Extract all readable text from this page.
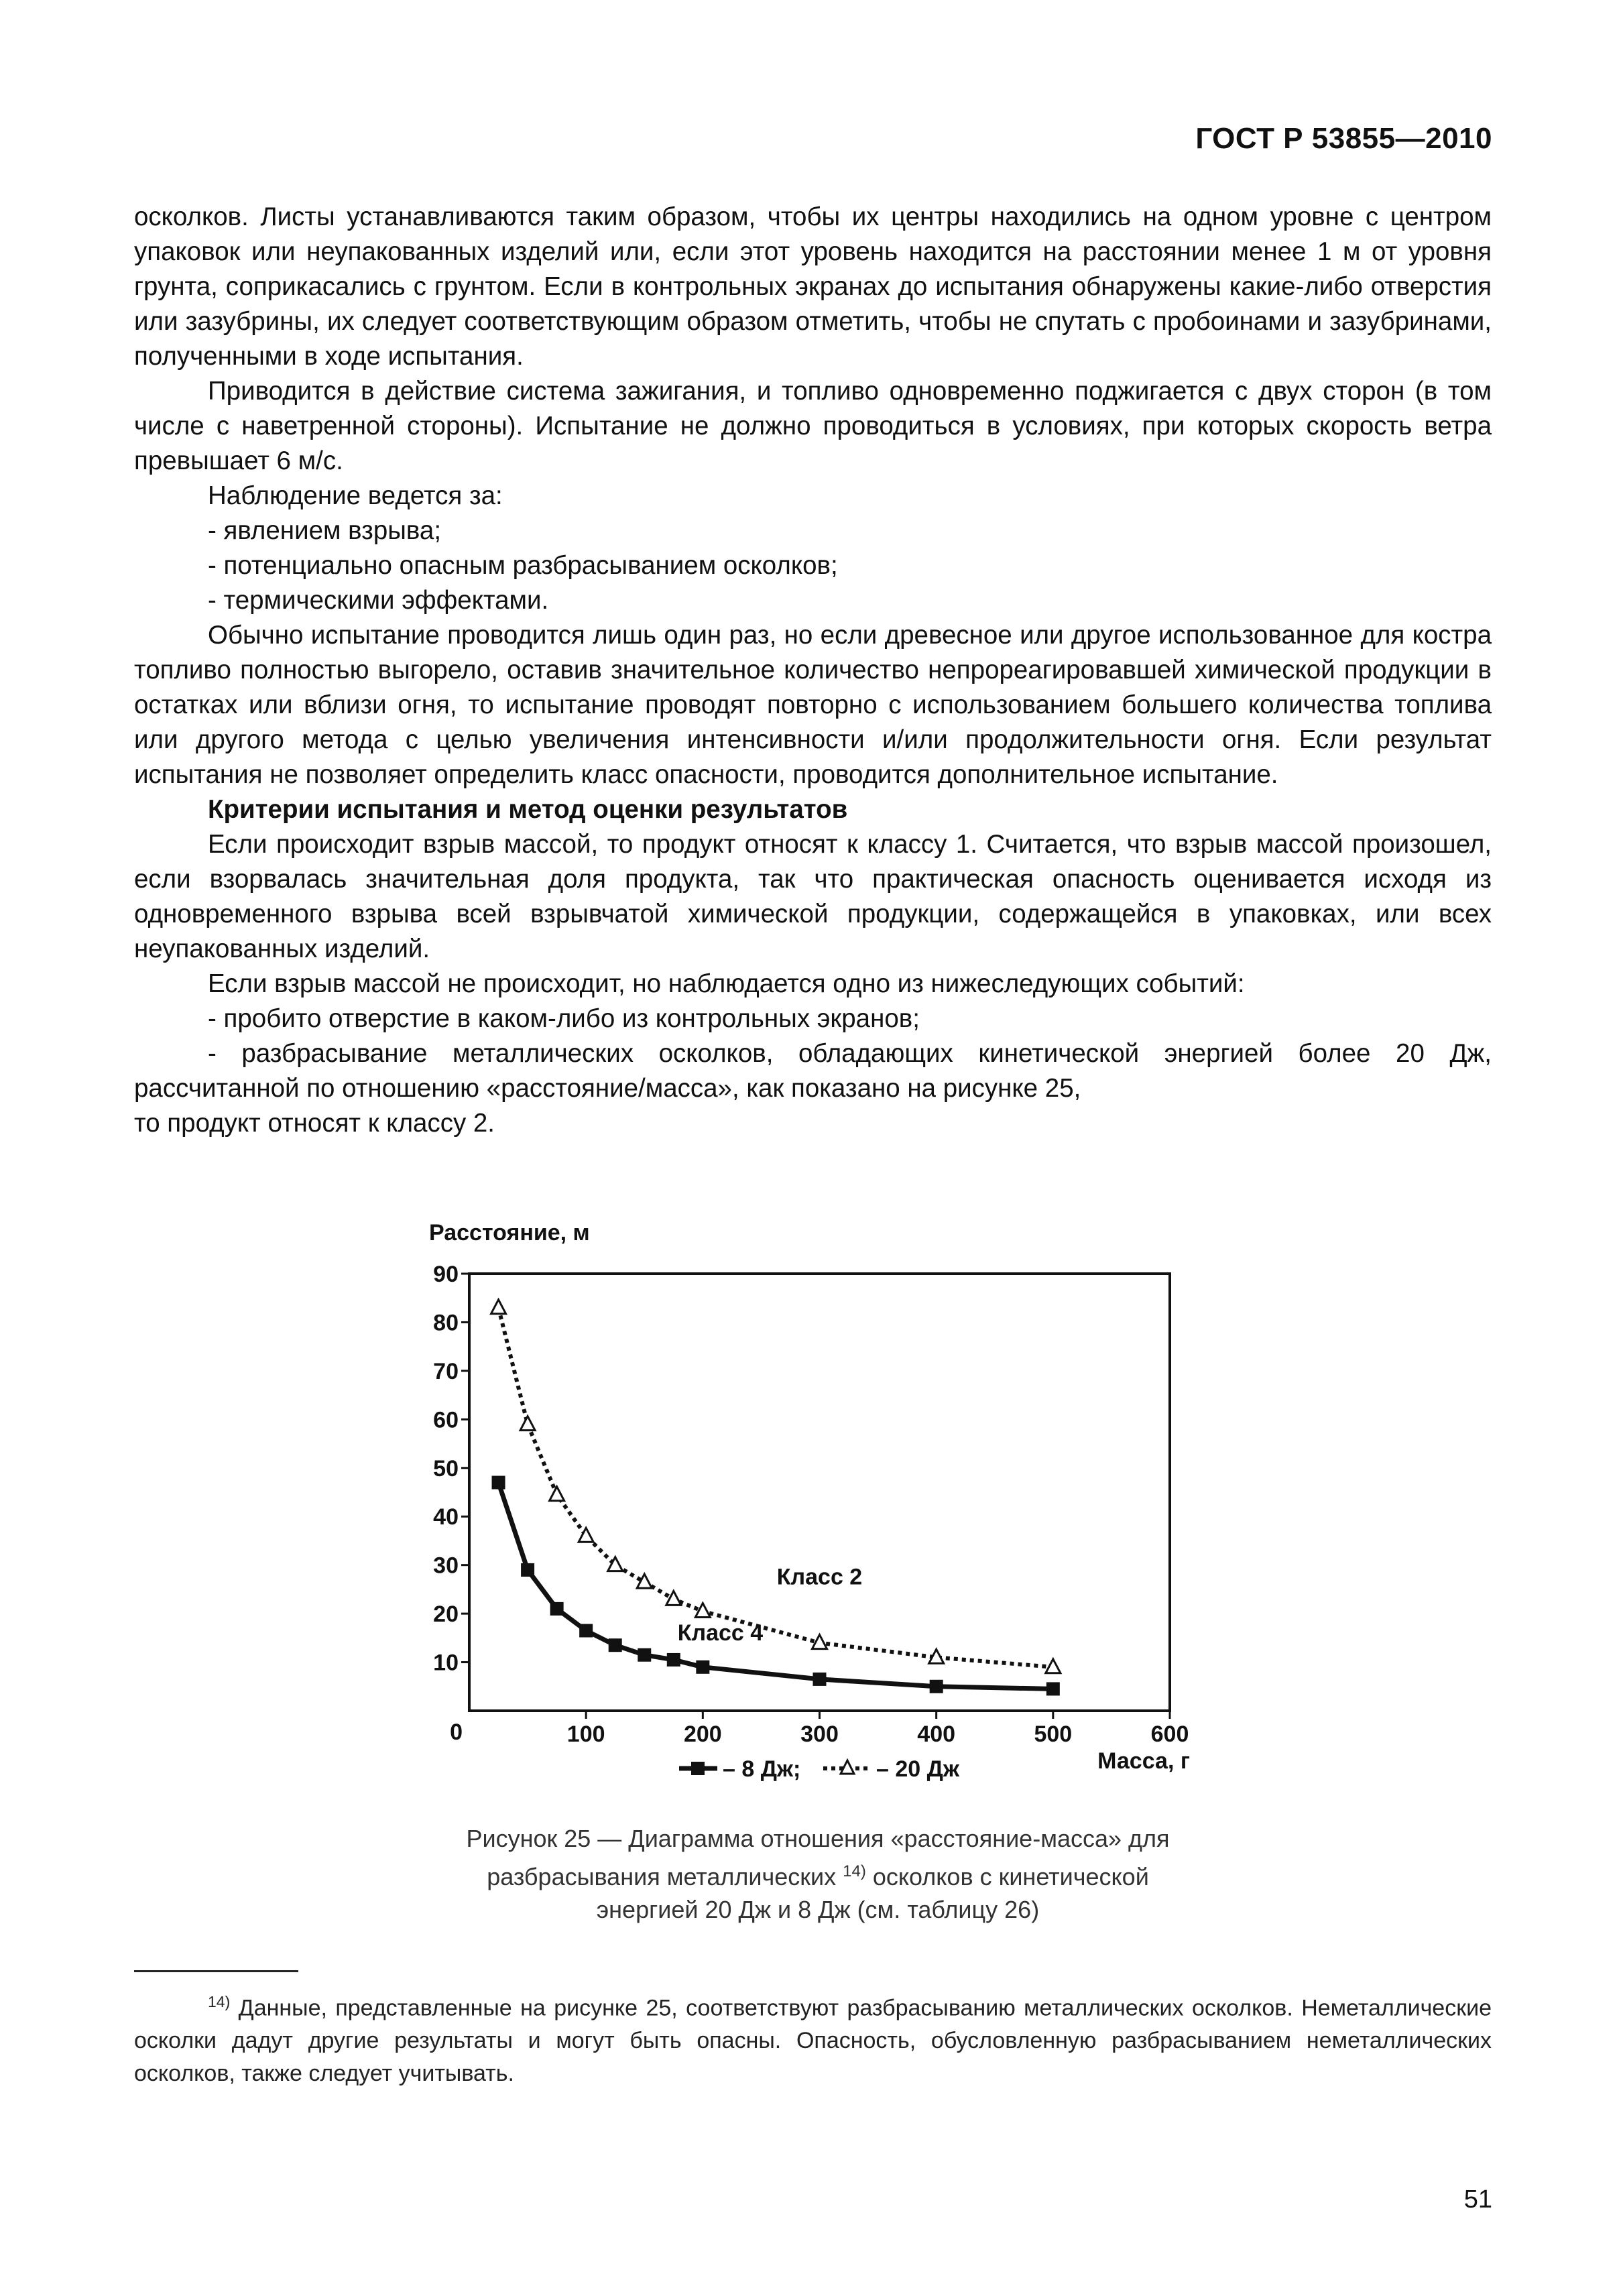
ГОСТ Р 53855—2010

осколков. Листы устанавливаются таким образом, чтобы их центры находились на одном уровне с центром упаковок или неупакованных изделий или, если этот уровень находится на расстоянии менее 1 м от уровня грунта, соприкасались с грунтом. Если в контрольных экранах до испытания обнаружены какие-либо отверстия или зазубрины, их следует соответствующим образом отметить, чтобы не спутать с пробоинами и зазубринами, полученными в ходе испытания.

Приводится в действие система зажигания, и топливо одновременно поджигается с двух сторон (в том числе с наветренной стороны). Испытание не должно проводиться в условиях, при которых скорость ветра превышает 6 м/с.

Наблюдение ведется за:

- явлением взрыва;

- потенциально опасным разбрасыванием осколков;

- термическими эффектами.

Обычно испытание проводится лишь один раз, но если древесное или другое использованное для костра топливо полностью выгорело, оставив значительное количество непрореагировавшей химической продукции в остатках или вблизи огня, то испытание проводят повторно с использованием большего количества топлива или другого метода с целью увеличения интенсивности и/или продолжительности огня. Если результат испытания не позволяет определить класс опасности, проводится дополнительное испытание.

Критерии испытания и метод оценки результатов

Если происходит взрыв массой, то продукт относят к классу 1. Считается, что взрыв массой произошел, если взорвалась значительная доля продукта, так что практическая опасность оценивается исходя из одновременного взрыва всей взрывчатой химической продукции, содержащейся в упаковках, или всех неупакованных изделий.

Если взрыв массой не происходит, но наблюдается одно из нижеследующих событий:

- пробито отверстие в каком-либо из контрольных экранов;

- разбрасывание металлических осколков, обладающих кинетической энергией более 20 Дж, рассчитанной по отношению «расстояние/масса», как показано на рисунке 25,

то продукт относят к классу 2.

Расстояние, м
Масса, г
0
10
20
30
40
50
60
70
80
90
100	200	300	400	500	600
Класс 2
Класс 4
– 8 Дж;	– 20 Дж
Рисунок 25 — Диаграмма отношения «расстояние-масса» для
разбрасывания металлических $^{14)}$ осколков с кинетической
энергией 20 Дж и 8 Дж (см. таблицу 26)

$^{14)}$ Данные, представленные на рисунке 25, соответствуют разбрасыванию металлических осколков. Неметаллические осколки дадут другие результаты и могут быть опасны. Опасность, обусловленную разбрасыванием неметаллических осколков, также следует учитывать.

51
